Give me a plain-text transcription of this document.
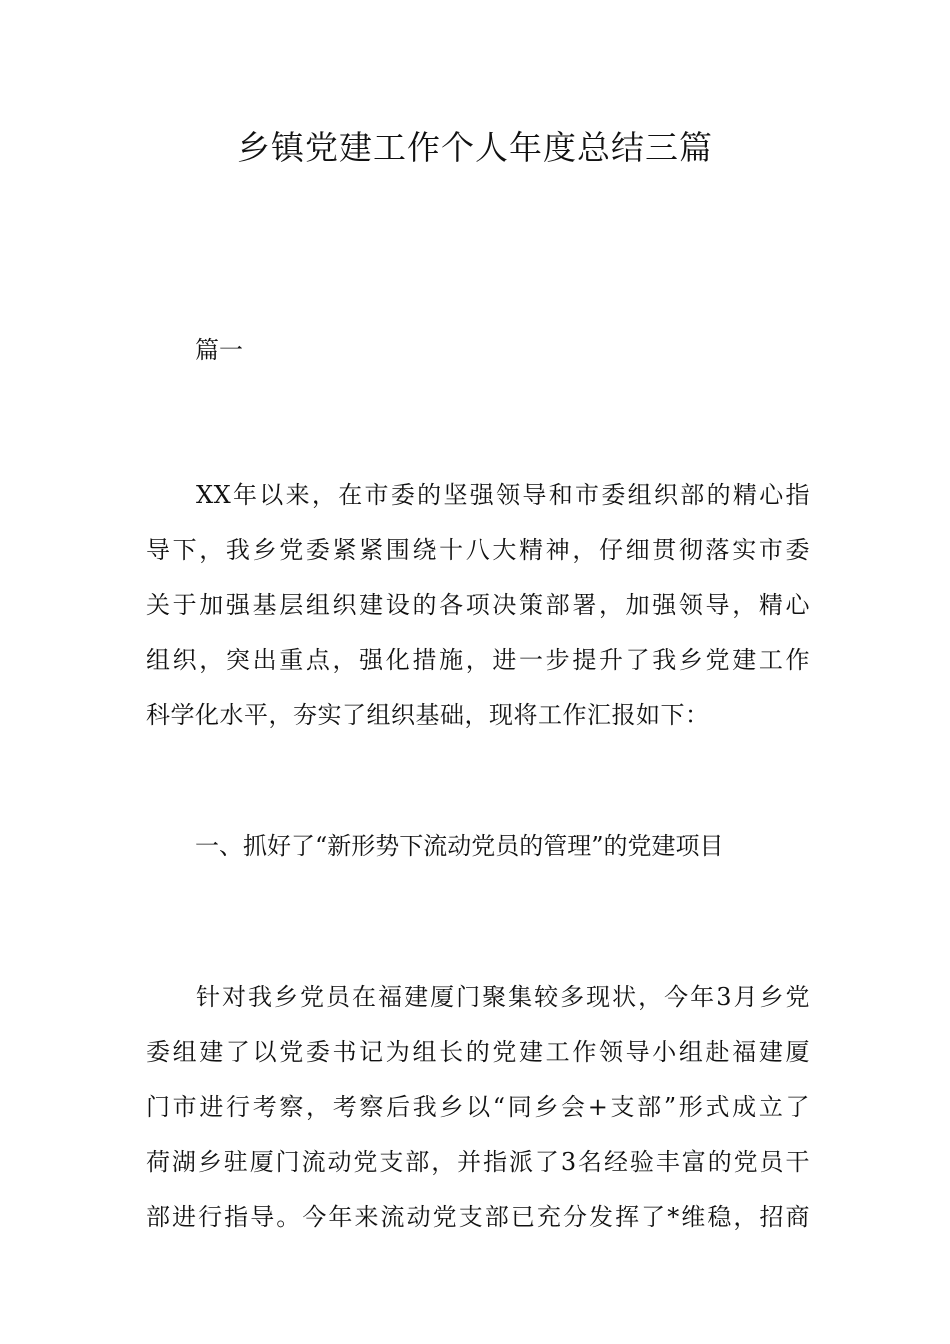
乡镇党建工作个人年度总结三篇
篇一
XX年以来，在市委的坚强领导和市委组织部的精心指
导下，我乡党委紧紧围绕十八大精神，仔细贯彻落实市委
关于加强基层组织建设的各项决策部署，加强领导，精心
组织，突出重点，强化措施，进一步提升了我乡党建工作
科学化水平，夯实了组织基础，现将工作汇报如下：
一、抓好了“新形势下流动党员的管理”的党建项目
针对我乡党员在福建厦门聚集较多现状，今年3月乡党
委组建了以党委书记为组长的党建工作领导小组赴福建厦
门市进行考察，考察后我乡以“同乡会+支部”形式成立了
荷湖乡驻厦门流动党支部，并指派了3名经验丰富的党员干
部进行指导。今年来流动党支部已充分发挥了*维稳，招商
